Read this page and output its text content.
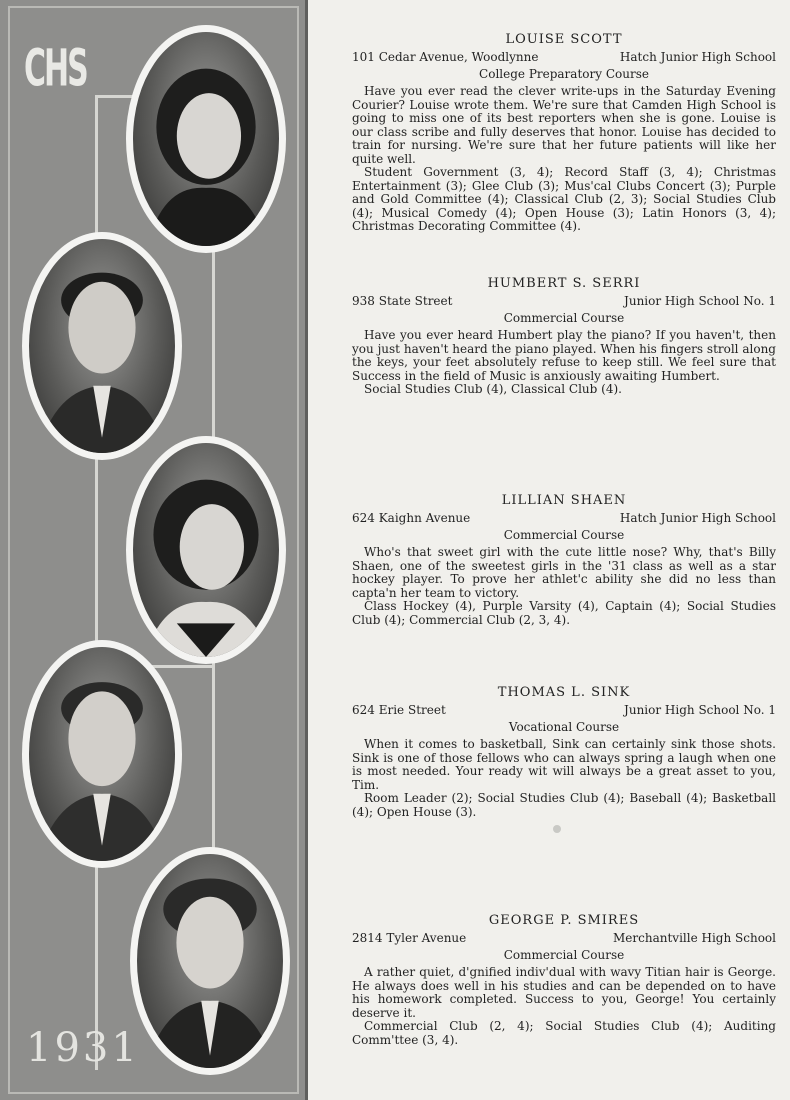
CHS
1931
LOUISE SCOTT
101 Cedar Avenue, Woodlynne	Hatch Junior High School
College Preparatory Course

Have you ever read the clever write-ups in the Saturday Evening Courier? Louise wrote them. We're sure that Camden High School is going to miss one of its best reporters when she is gone. Louise is our class scribe and fully deserves that honor. Louise has decided to train for nursing. We're sure that her future patients will like her quite well.

Student Government (3, 4); Record Staff (3, 4); Christmas Entertainment (3); Glee Club (3); Mus'cal Clubs Concert (3); Purple and Gold Committee (4); Classical Club (2, 3); Social Studies Club (4); Musical Comedy (4); Open House (3); Latin Honors (3, 4); Christmas Decorating Committee (4).

HUMBERT S. SERRI
938 State Street	Junior High School No. 1
Commercial Course

Have you ever heard Humbert play the piano? If you haven't, then you just haven't heard the piano played. When his fingers stroll along the keys, your feet absolutely refuse to keep still. We feel sure that Success in the field of Music is anxiously awaiting Humbert.

Social Studies Club (4), Classical Club (4).

LILLIAN SHAEN
624 Kaighn Avenue	Hatch Junior High School
Commercial Course

Who's that sweet girl with the cute little nose? Why, that's Billy Shaen, one of the sweetest girls in the '31 class as well as a star hockey player. To prove her athlet'c ability she did no less than capta'n her team to victory.

Class Hockey (4), Purple Varsity (4), Captain (4); Social Studies Club (4); Commercial Club (2, 3, 4).

THOMAS L. SINK
624 Erie Street	Junior High School No. 1
Vocational Course

When it comes to basketball, Sink can certainly sink those shots. Sink is one of those fellows who can always spring a laugh when one is most needed. Your ready wit will always be a great asset to you, Tim.

Room Leader (2); Social Studies Club (4); Baseball (4); Basketball (4); Open House (3).

GEORGE P. SMIRES
2814 Tyler Avenue	Merchantville High School
Commercial Course

A rather quiet, d'gnified indiv'dual with wavy Titian hair is George. He always does well in his studies and can be depended on to have his homework completed. Success to you, George! You certainly deserve it.

Commercial Club (2, 4); Social Studies Club (4); Auditing Comm'ttee (3, 4).
